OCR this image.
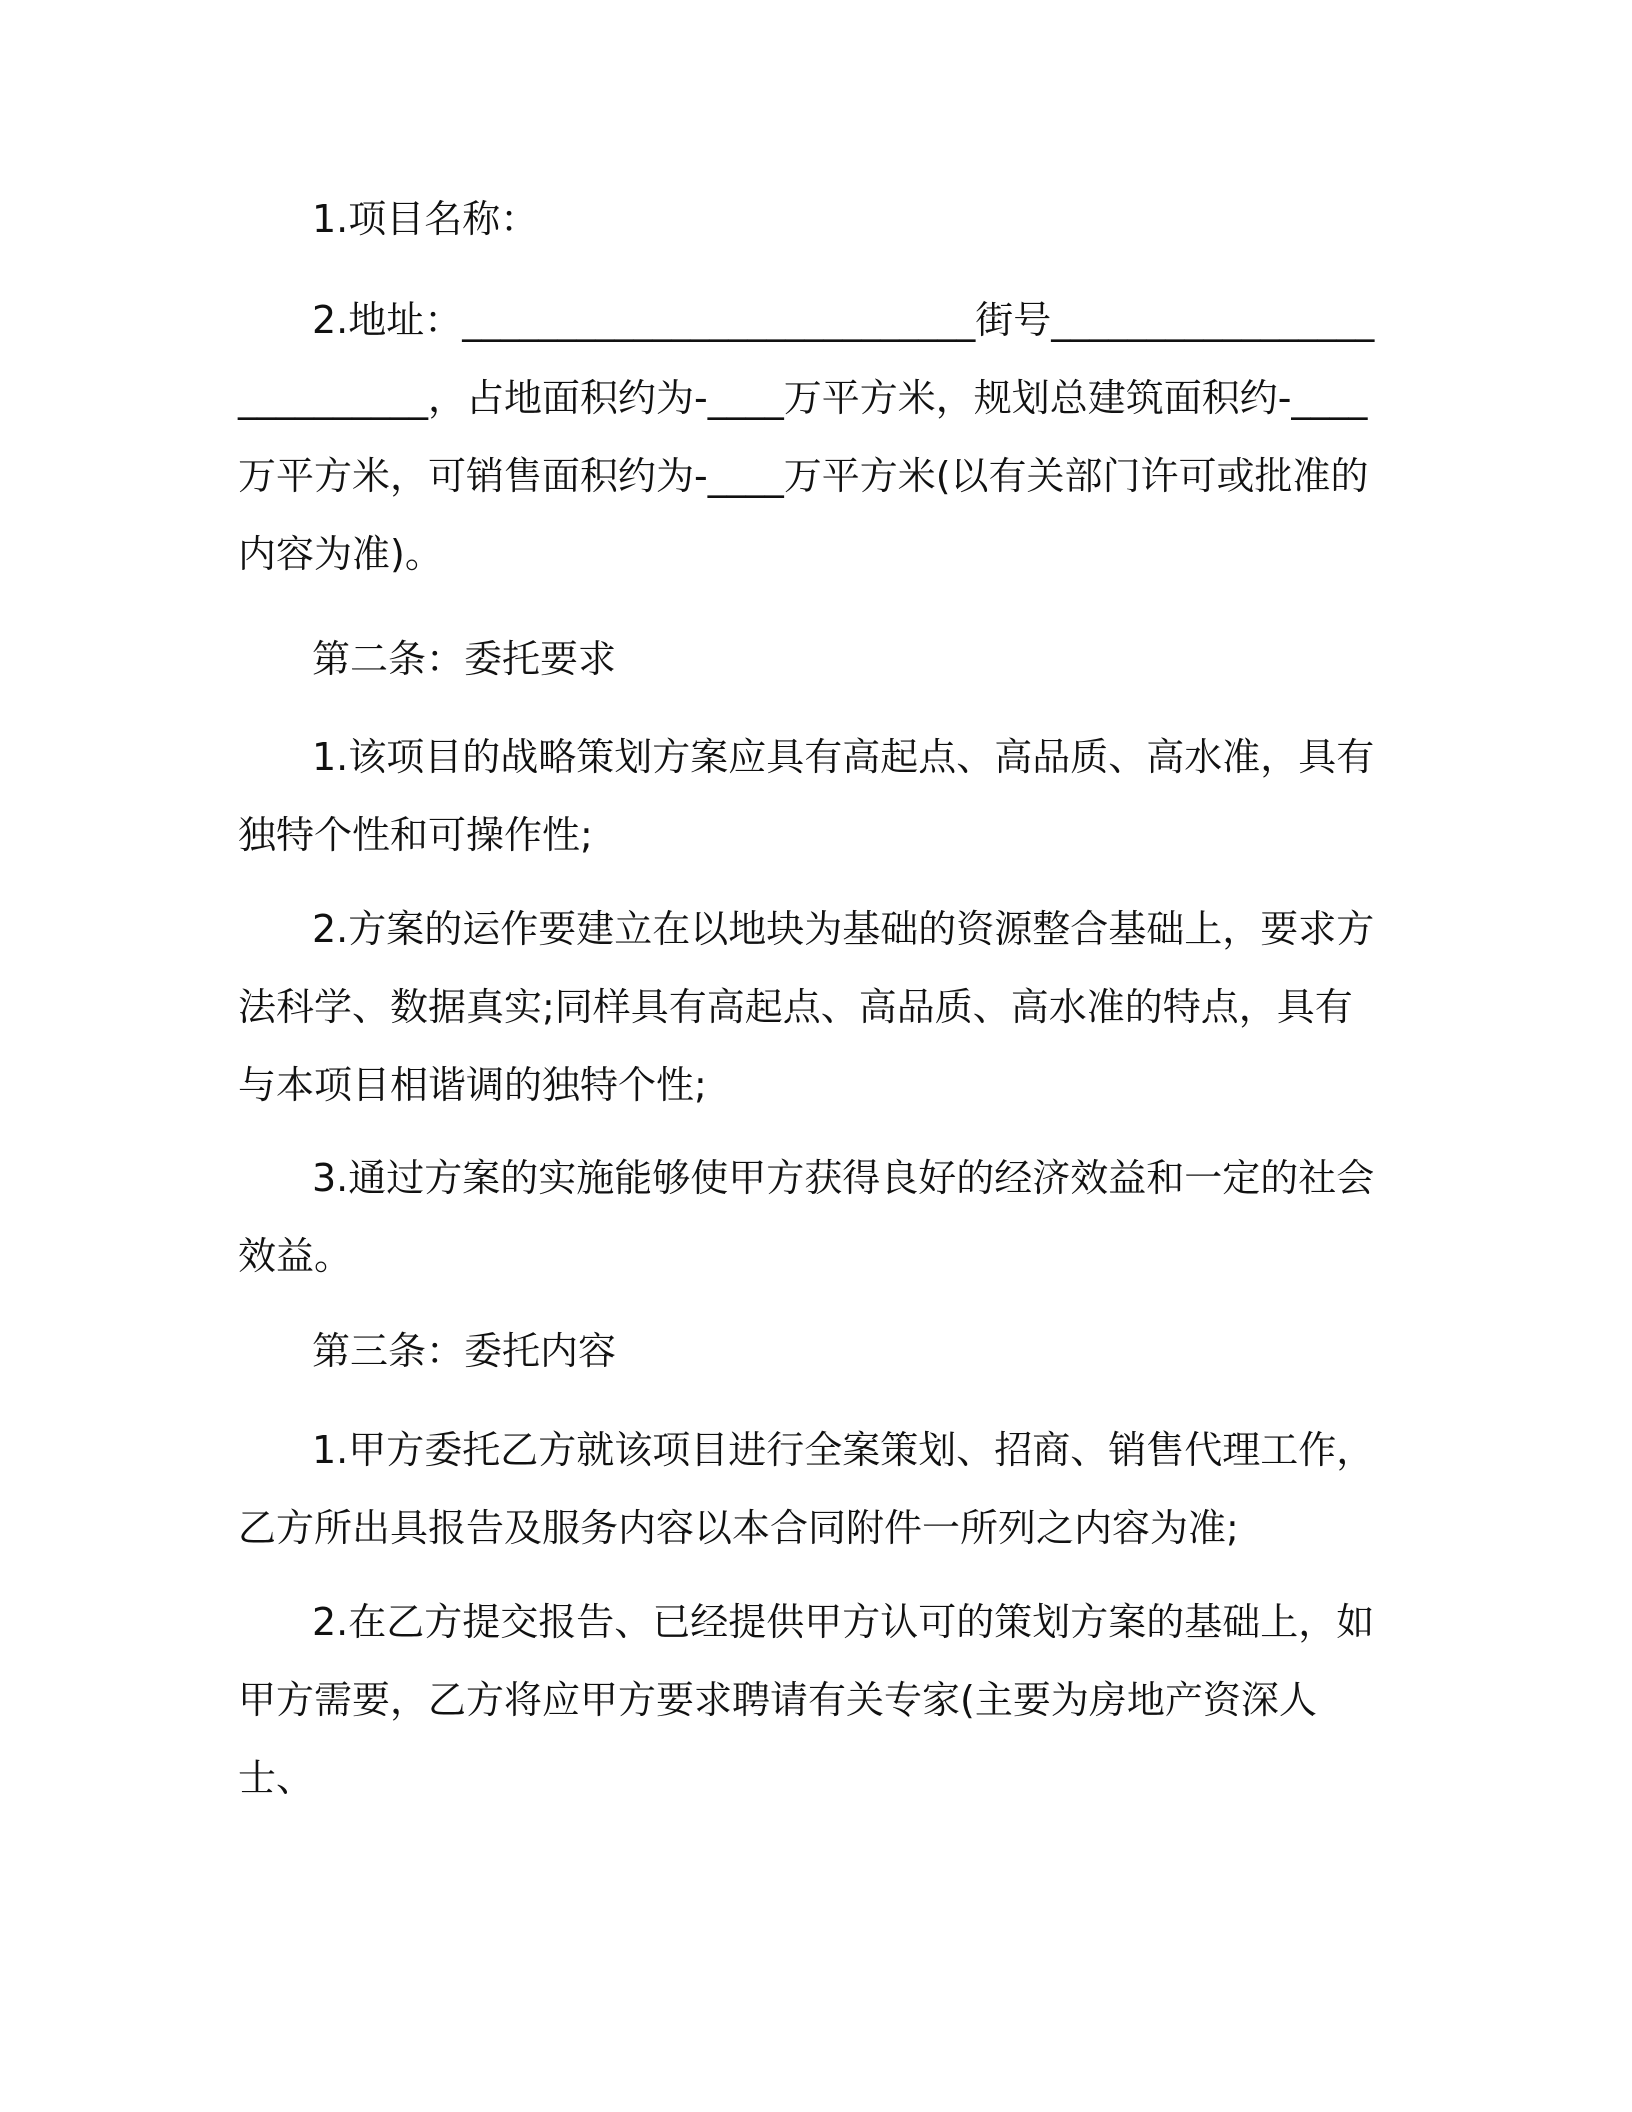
1.项目名称：
2.地址：___________________________街号___________________________，占地面积约为-____万平方米，规划总建筑面积约-____万平方米，可销售面积约为-____万平方米(以有关部门许可或批准的内容为准)。
第二条：委托要求
1.该项目的战略策划方案应具有高起点、高品质、高水准，具有独特个性和可操作性;
2.方案的运作要建立在以地块为基础的资源整合基础上，要求方法科学、数据真实;同样具有高起点、高品质、高水准的特点，具有与本项目相谐调的独特个性;
3.通过方案的实施能够使甲方获得良好的经济效益和一定的社会效益。
第三条：委托内容
1.甲方委托乙方就该项目进行全案策划、招商、销售代理工作，乙方所出具报告及服务内容以本合同附件一所列之内容为准;
2.在乙方提交报告、已经提供甲方认可的策划方案的基础上，如甲方需要，乙方将应甲方要求聘请有关专家(主要为房地产资深人士、
